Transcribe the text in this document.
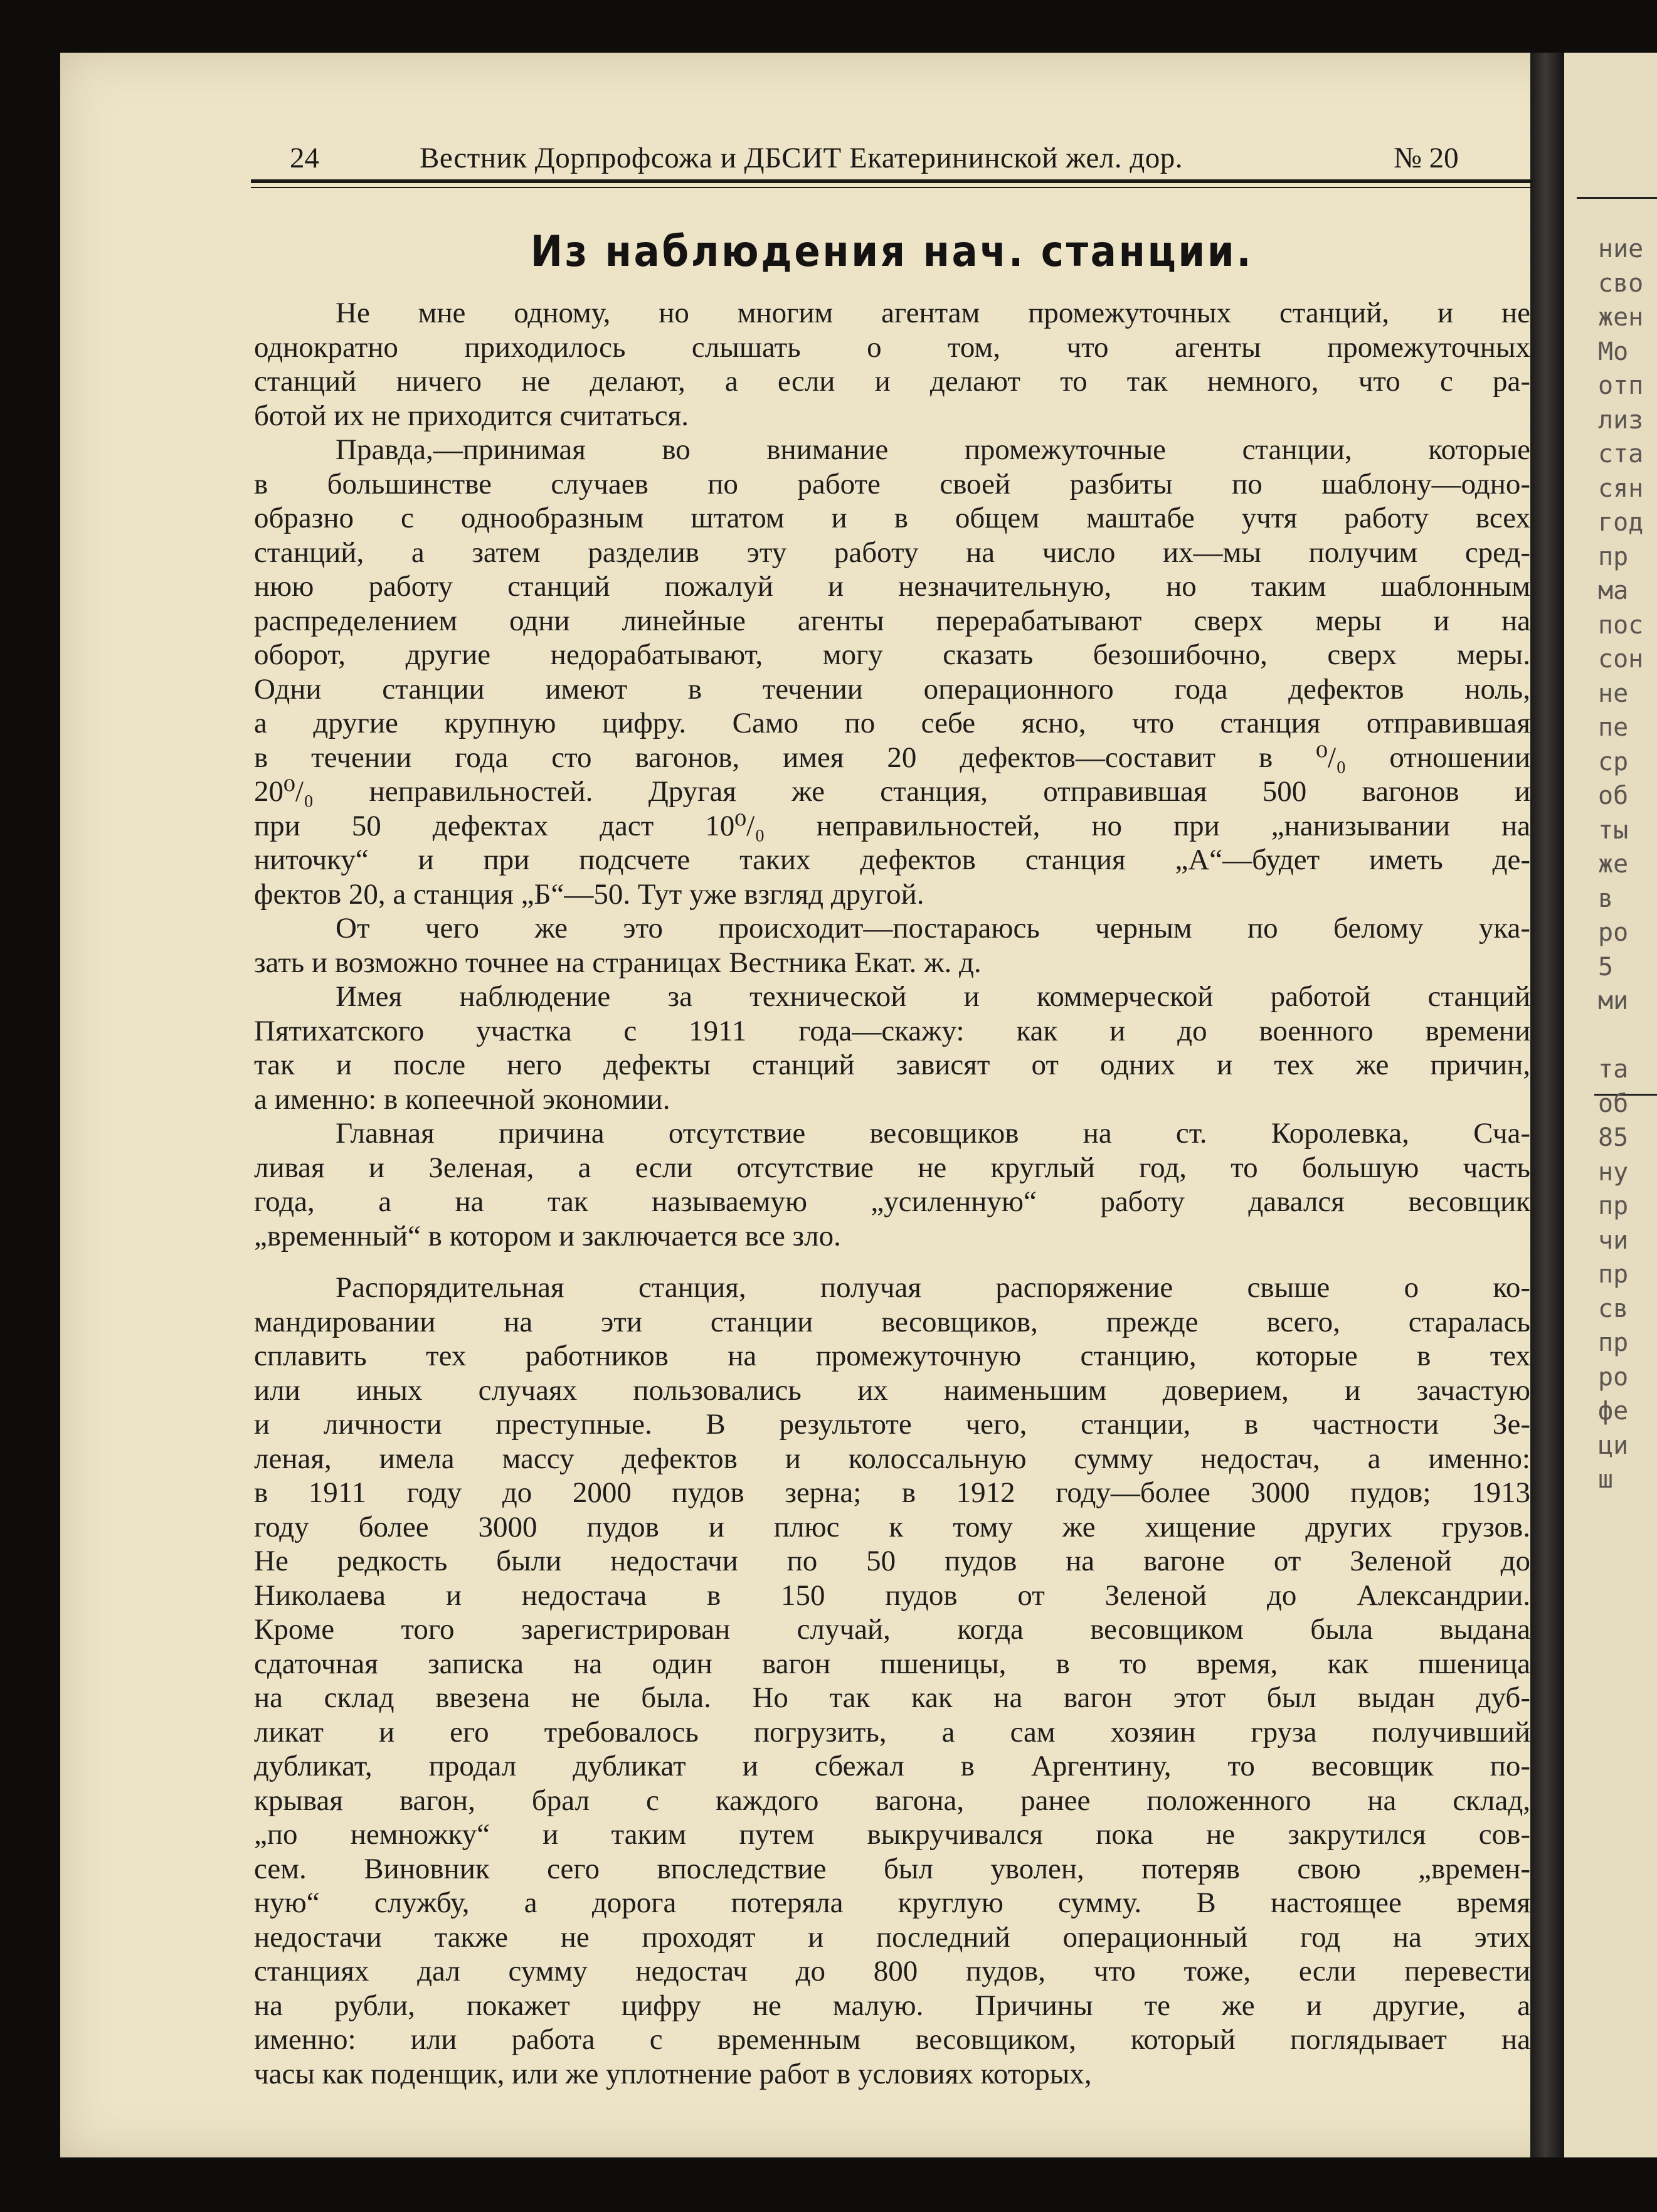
ние
сво
жен
Мо
отп
лиз
ста
сян
год
пр
ма
пос
сон
не
пе
ср
об
ты
же
в
ро
5
ми

та
об
85
ну
пр
чи
пр
св
пр
ро
фе
ци
ш
24	Вестник Дорпрофсожа и ДБСИТ Екатерининской жел. дор.	№ 20
Из наблюдения нач. станции.
Не мне одному, но многим агентам промежуточных станций, и не
однократно приходилось слышать о том, что агенты промежуточных
станций ничего не делают, а если и делают то так немного, что с ра-
ботой их не приходится считаться.
Правда,—принимая во внимание промежуточные станции, которые
в большинстве случаев по работе своей разбиты по шаблону—одно-
образно с однообразным штатом и в общем маштабе учтя работу всех
станций, а затем разделив эту работу на число их—мы получим сред-
нюю работу станций пожалуй и незначительную, но таким шаблонным
распределением одни линейные агенты перерабатывают сверх меры и на
оборот, другие недорабатывают, могу сказать безошибочно, сверх меры.
Одни станции имеют в течении операционного года дефектов ноль,
а другие крупную цифру. Само по себе ясно, что станция отправившая
в течении года сто вагонов, имея 20 дефектов—составит в ⁰/₀ отношении
20⁰/₀ неправильностей. Другая же станция, отправившая 500 вагонов и
при 50 дефектах даст 10⁰/₀ неправильностей, но при „нанизывании на
ниточку“ и при подсчете таких дефектов станция „А“—будет иметь де-
фектов 20, а станция „Б“—50. Тут уже взгляд другой.
От чего же это происходит—постараюсь черным по белому ука-
зать и возможно точнее на страницах Вестника Екат. ж. д.
Имея наблюдение за технической и коммерческой работой станций
Пятихатского участка с 1911 года—скажу: как и до военного времени
так и после него дефекты станций зависят от одних и тех же причин,
а именно: в копеечной экономии.
Главная причина отсутствие весовщиков на ст. Королевка, Сча-
ливая и Зеленая, а если отсутствие не круглый год, то большую часть
года, а на так называемую „усиленную“ работу давался весовщик
„временный“ в котором и заключается все зло.
Распорядительная станция, получая распоряжение свыше о ко-
мандировании на эти станции весовщиков, прежде всего, старалась
сплавить тех работников на промежуточную станцию, которые в тех
или иных случаях пользовались их наименьшим доверием, и зачастую
и личности преступные. В результоте чего, станции, в частности Зе-
леная, имела массу дефектов и колоссальную сумму недостач, а именно:
в 1911 году до 2000 пудов зерна; в 1912 году—более 3000 пудов; 1913
году более 3000 пудов и плюс к тому же хищение других грузов.
Не редкость были недостачи по 50 пудов на вагоне от Зеленой до
Николаева и недостача в 150 пудов от Зеленой до Александрии.
Кроме того зарегистрирован случай, когда весовщиком была выдана
сдаточная записка на один вагон пшеницы, в то время, как пшеница
на склад ввезена не была. Но так как на вагон этот был выдан дуб-
ликат и его требовалось погрузить, а сам хозяин груза получивший
дубликат, продал дубликат и сбежал в Аргентину, то весовщик по-
крывая вагон, брал с каждого вагона, ранее положенного на склад,
„по немножку“ и таким путем выкручивался пока не закрутился сов-
сем. Виновник сего впоследствие был уволен, потеряв свою „времен-
ную“ службу, а дорога потеряла круглую сумму. В настоящее время
недостачи также не проходят и последний операционный год на этих
станциях дал сумму недостач до 800 пудов, что тоже, если перевести
на рубли, покажет цифру не малую. Причины те же и другие, а
именно: или работа с временным весовщиком, который поглядывает на
часы как поденщик, или же уплотнение работ в условиях которых,
